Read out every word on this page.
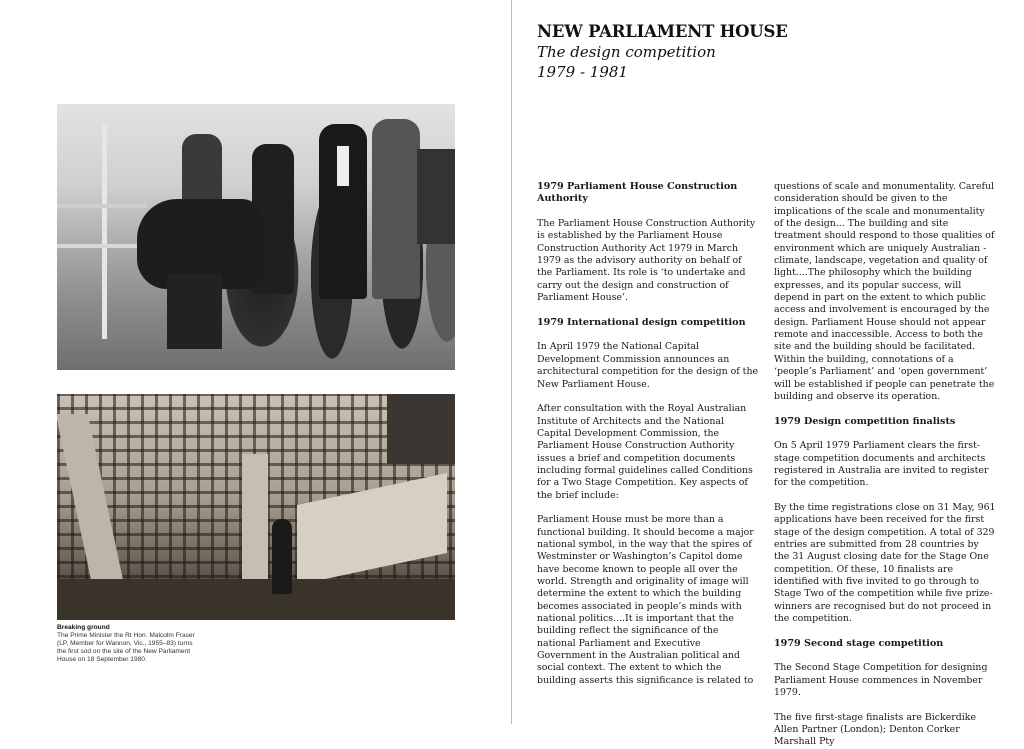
Breaking ground
The Prime Minister the Rt Hon. Malcolm Fraser (LP, Member for Wannon, Vic., 1955–83) turns the first sod on the site of the New Parliament House on 18 September 1980.
NEW PARLIAMENT HOUSE
The design competition
1979 - 1981
1979 Parliament House Construction Authority

The Parliament House Construction Authority is established by the Parliament House Construction Authority Act 1979 in March 1979 as the advisory authority on behalf of the Parliament. Its role is ‘to undertake and carry out the design and construction of Parliament House’.

1979 International design competition

In April 1979 the National Capital Development Commission announces an architectural competition for the design of the New Parliament House.

After consultation with the Royal Australian Institute of Architects and the National Capital Development Commission, the Parliament House Construction Authority issues a brief and competition documents including formal guidelines called Conditions for a Two Stage Competition. Key aspects of the brief include:

Parliament House must be more than a functional building. It should become a major national symbol, in the way that the spires of Westminster or Washington’s Capitol dome have become known to people all over the world. Strength and originality of image will determine the extent to which the building becomes associated in people’s minds with national politics....It is important that the building reflect the significance of the national Parliament and Executive Government in the Australian political and social context. The extent to which the building asserts this significance is related to

questions of scale and monumentality. Careful consideration should be given to the implications of the scale and monumentality of the design... The building and site treatment should respond to those qualities of environment which are uniquely Australian - climate, landscape, vegetation and quality of light....The philosophy which the building expresses, and its popular success, will depend in part on the extent to which public access and involvement is encouraged by the design. Parliament House should not appear remote and inaccessible. Access to both the site and the building should be facilitated. Within the building, connotations of a ‘people’s Parliament’ and ‘open government’ will be established if people can penetrate the building and observe its operation.

1979 Design competition finalists

On 5 April 1979 Parliament clears the first-stage competition documents and architects registered in Australia are invited to register for the competition.

By the time registrations close on 31 May, 961 applications have been received for the first stage of the design competition. A total of 329 entries are submitted from 28 countries by the 31 August closing date for the Stage One competition. Of these, 10 finalists are identified with five invited to go through to Stage Two of the competition while five prize-winners are recognised but do not proceed in the competition.

1979 Second stage competition

The Second Stage Competition for designing Parliament House commences in November 1979.

The five first-stage finalists are Bickerdike Allen Partner (London); Denton Corker Marshall Pty
